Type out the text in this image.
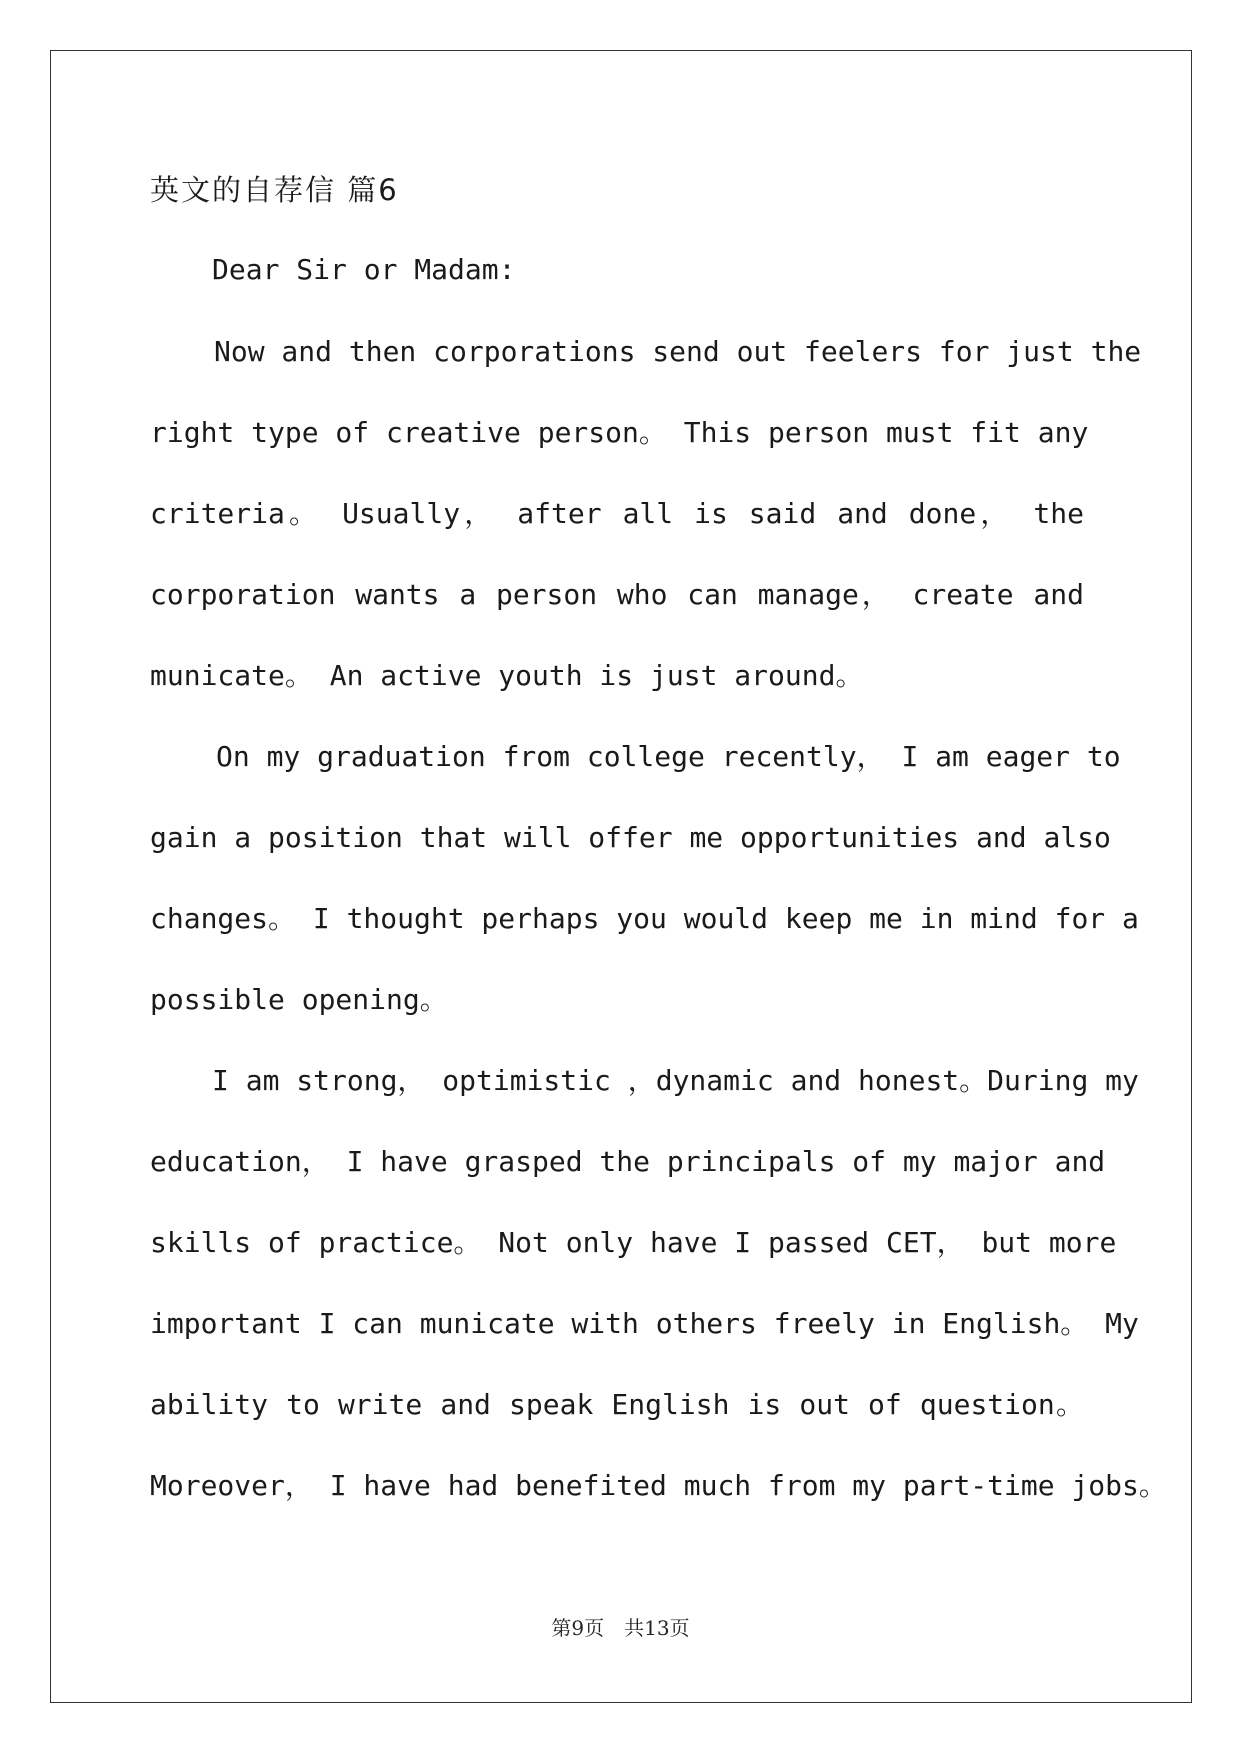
英文的自荐信 篇6
Dear Sir or Madam:
Now and then corporations send out feelers for just the
right type of creative person。 This person must fit any
criteria。 Usually， after all is said and done， the
corporation wants a person who can manage， create and
municate。 An active youth is just around。
On my graduation from college recently， I am eager to
gain a position that will offer me opportunities and also
changes。 I thought perhaps you would keep me in mind for a
possible opening。
I am strong， optimistic ，dynamic and honest。During my
education， I have grasped the principals of my major and
skills of practice。 Not only have I passed CET， but more
important I can municate with others freely in English。 My
ability to write and speak English is out of question。
Moreover， I have had benefited much from my part-time jobs。
第9页　共13页
